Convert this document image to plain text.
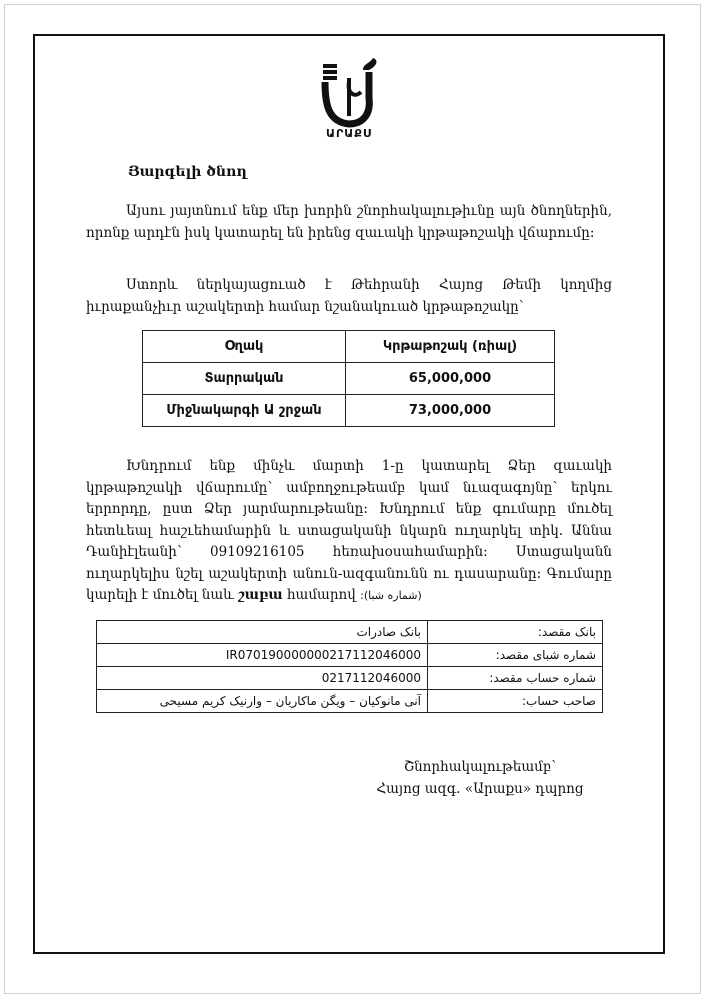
ԱՐԱՔՍ
Յարգելի ծնող

Այսու յայտնում ենք մեր խորին շնորհակալութիւնը այն ծնողներին, որոնք արդէն իսկ կատարել են իրենց զաւակի կրթաթոշակի վճարումը:

Ստորև ներկայացուած է Թեհրանի Հայոց Թեմի կողմից իւրաքանչիւր աշակերտի համար նշանակուած կրթաթոշակը՝

Օղակ	Կրթաթոշակ (ռիալ)
Տարրական	65,000,000
Միջնակարգի Ա շրջան	73,000,000

Խնդրում ենք մինչև մարտի 1-ը կատարել Ձեր զաւակի կրթաթոշակի վճարումը՝ ամբողջութեամբ կամ նւազագոյնը՝ երկու երրորդը, ըստ Ձեր յարմարութեանը: Խնդրում ենք գումարը մուծել հետևեալ հաշւեհամարին և ստացականի նկարն ուղարկել տիկ. Աննա Դանիէլեանի՝ 09109216105 հեռախօսահամարին: Ստացականն ուղարկելիս նշել աշակերտի անուն-ազգանունն ու դասարանը: Գումարը կարելի է մուծել նաև շաբա համարով (شماره شبا):

بانک صادرات	بانک مقصد:
IR070190000000217112046000	شماره شبای مقصد:
0217112046000	شماره حساب مقصد:
آنی مانوکیان – ویگن ماکاریان – وارنیک کریم مسیحی	صاحب حساب:
Շնորհակալութեամբ՝
Հայոց ազգ. «Արաքս» դպրոց
